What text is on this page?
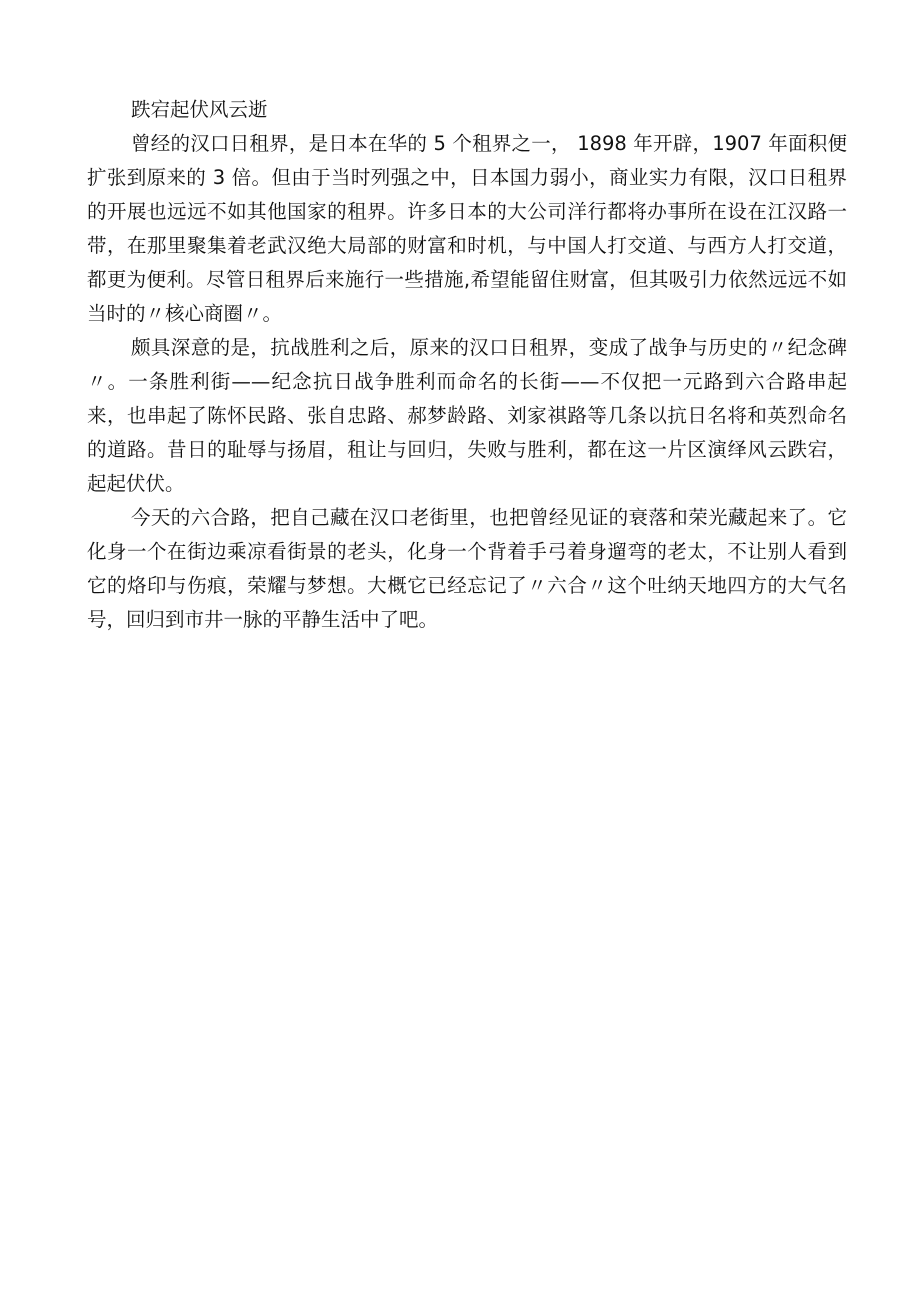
跌宕起伏风云逝

曾经的汉口日租界，是日本在华的 5 个租界之一， 1898 年开辟，1907 年面积便扩张到原来的 3 倍。但由于当时列强之中，日本国力弱小，商业实力有限，汉口日租界的开展也远远不如其他国家的租界。许多日本的大公司洋行都将办事所在设在江汉路一带，在那里聚集着老武汉绝大局部的财富和时机，与中国人打交道、与西方人打交道，都更为便利。尽管日租界后来施行一些措施,希望能留住财富，但其吸引力依然远远不如当时的〃核心商圈〃。

颇具深意的是，抗战胜利之后，原来的汉口日租界，变成了战争与历史的〃纪念碑〃。一条胜利街——纪念抗日战争胜利而命名的长街——不仅把一元路到六合路串起来，也串起了陈怀民路、张自忠路、郝梦龄路、刘家祺路等几条以抗日名将和英烈命名的道路。昔日的耻辱与扬眉，租让与回归，失败与胜利，都在这一片区演绎风云跌宕，起起伏伏。

今天的六合路，把自己藏在汉口老街里，也把曾经见证的衰落和荣光藏起来了。它化身一个在街边乘凉看街景的老头，化身一个背着手弓着身遛弯的老太，不让别人看到它的烙印与伤痕，荣耀与梦想。大概它已经忘记了〃六合〃这个吐纳天地四方的大气名号，回归到市井一脉的平静生活中了吧。
